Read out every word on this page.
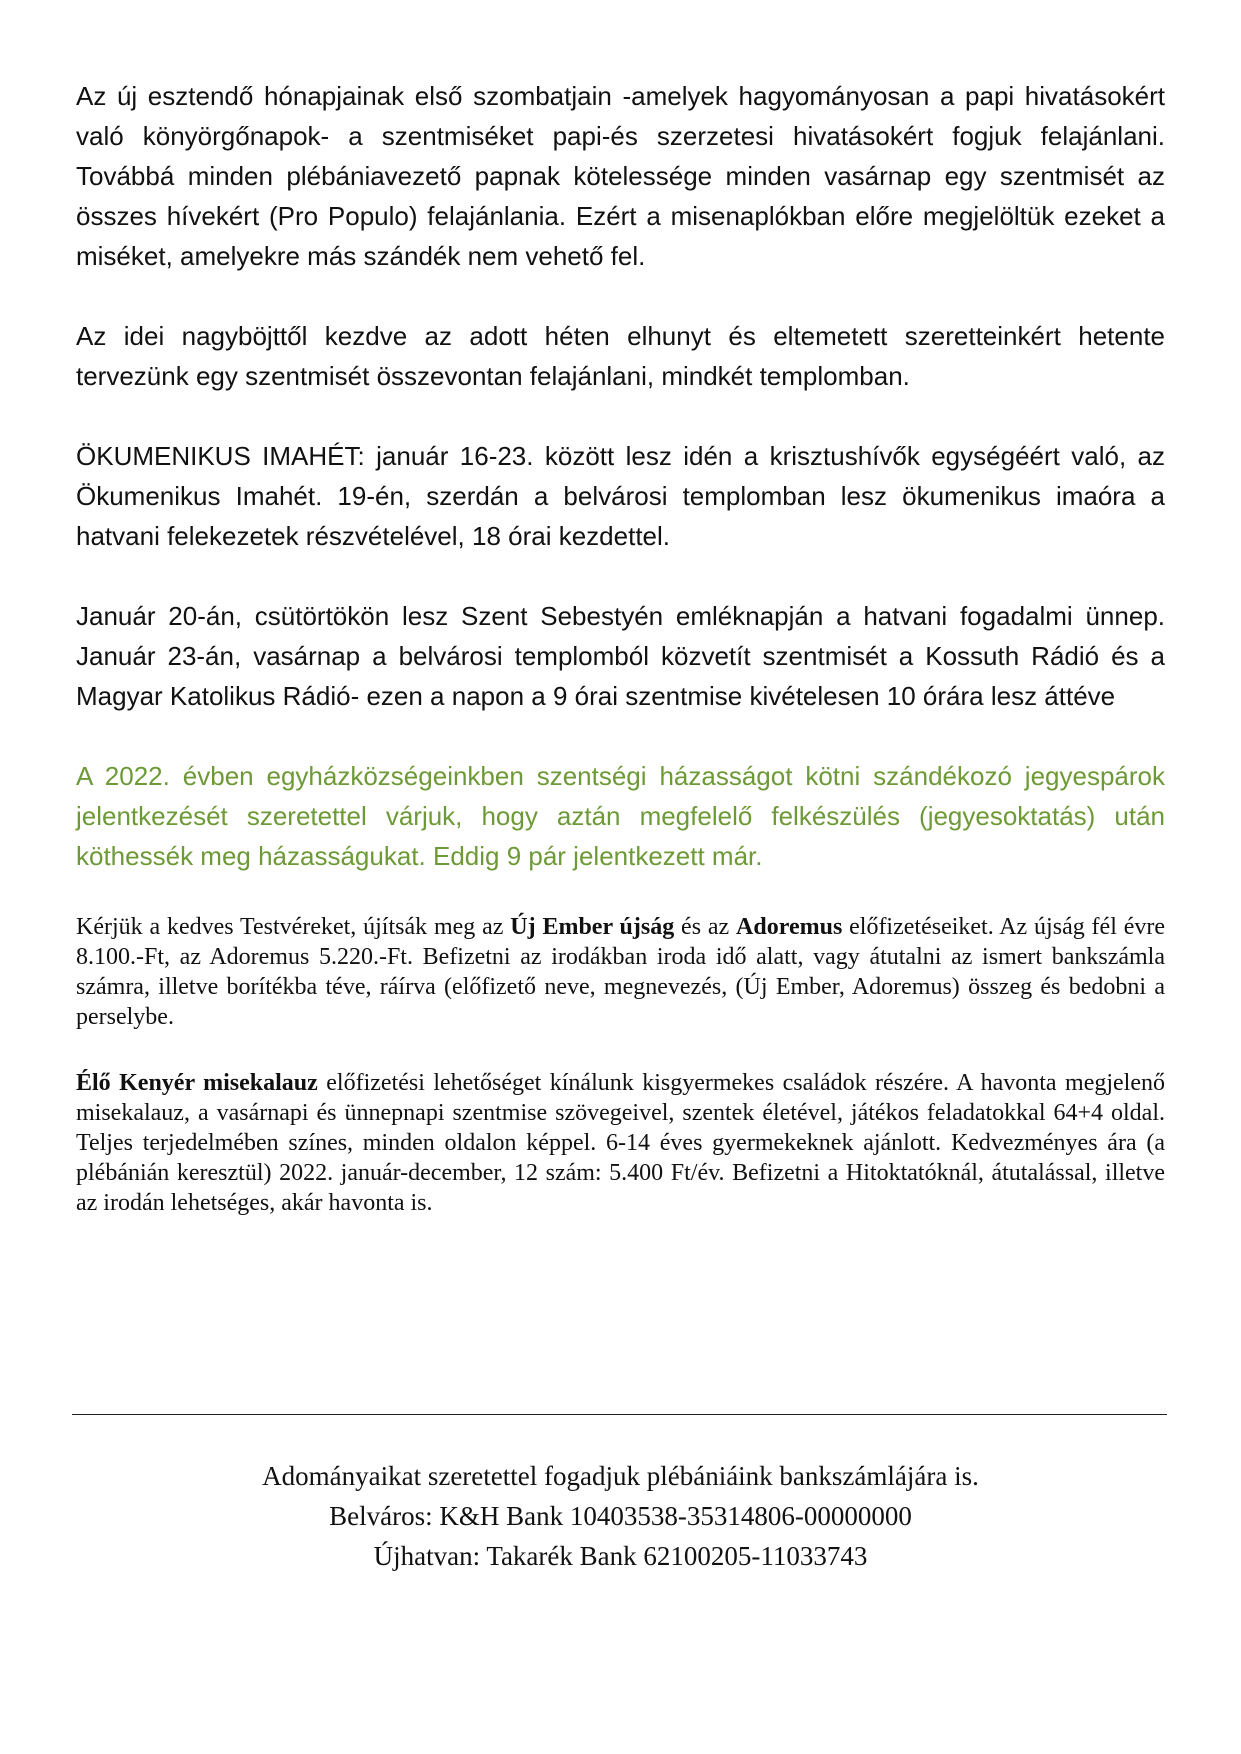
Az új esztendő hónapjainak első szombatjain -amelyek hagyományosan a papi hivatásokért való könyörgőnapok- a szentmiséket papi-és szerzetesi hivatásokért fogjuk felajánlani. Továbbá minden plébániavezető papnak kötelessége minden vasárnap egy szentmisét az összes hívekért (Pro Populo) felajánlania. Ezért a misenaplókban előre megjelöltük ezeket a miséket, amelyekre más szándék nem vehető fel.

Az idei nagyböjttől kezdve az adott héten elhunyt és eltemetett szeretteinkért hetente tervezünk egy szentmisét összevontan felajánlani, mindkét templomban.

ÖKUMENIKUS IMAHÉT: január 16-23. között lesz idén a krisztushívők egységéért való, az Ökumenikus Imahét. 19-én, szerdán a belvárosi templomban lesz ökumenikus imaóra a hatvani felekezetek részvételével, 18 órai kezdettel.

Január 20-án, csütörtökön lesz Szent Sebestyén emléknapján a hatvani fogadalmi ünnep. Január 23-án, vasárnap a belvárosi templomból közvetít szentmisét a Kossuth Rádió és a Magyar Katolikus Rádió- ezen a napon a 9 órai szentmise kivételesen 10 órára lesz áttéve

A 2022. évben egyházközségeinkben szentségi házasságot kötni szándékozó jegyespárok jelentkezését szeretettel várjuk, hogy aztán megfelelő felkészülés (jegyesoktatás) után köthessék meg házasságukat. Eddig 9 pár jelentkezett már.

Kérjük a kedves Testvéreket, újítsák meg az Új Ember újság és az Adoremus előfizetéseiket. Az újság fél évre 8.100.-Ft, az Adoremus 5.220.-Ft. Befizetni az irodákban iroda idő alatt, vagy átutalni az ismert bankszámla számra, illetve borítékba téve, ráírva (előfizető neve, megnevezés, (Új Ember, Adoremus) összeg és bedobni a perselybe.

Élő Kenyér misekalauz előfizetési lehetőséget kínálunk kisgyermekes családok részére. A havonta megjelenő misekalauz, a vasárnapi és ünnepnapi szentmise szövegeivel, szentek életével, játékos feladatokkal 64+4 oldal. Teljes terjedelmében színes, minden oldalon képpel. 6-14 éves gyermekeknek ajánlott. Kedvezményes ára (a plébánián keresztül) 2022. január-december, 12 szám: 5.400 Ft/év. Befizetni a Hitoktatóknál, átutalással, illetve az irodán lehetséges, akár havonta is.

Adományaikat szeretettel fogadjuk plébániáink bankszámlájára is.
Belváros: K&H Bank 10403538-35314806-00000000
Újhatvan: Takarék Bank 62100205-11033743
